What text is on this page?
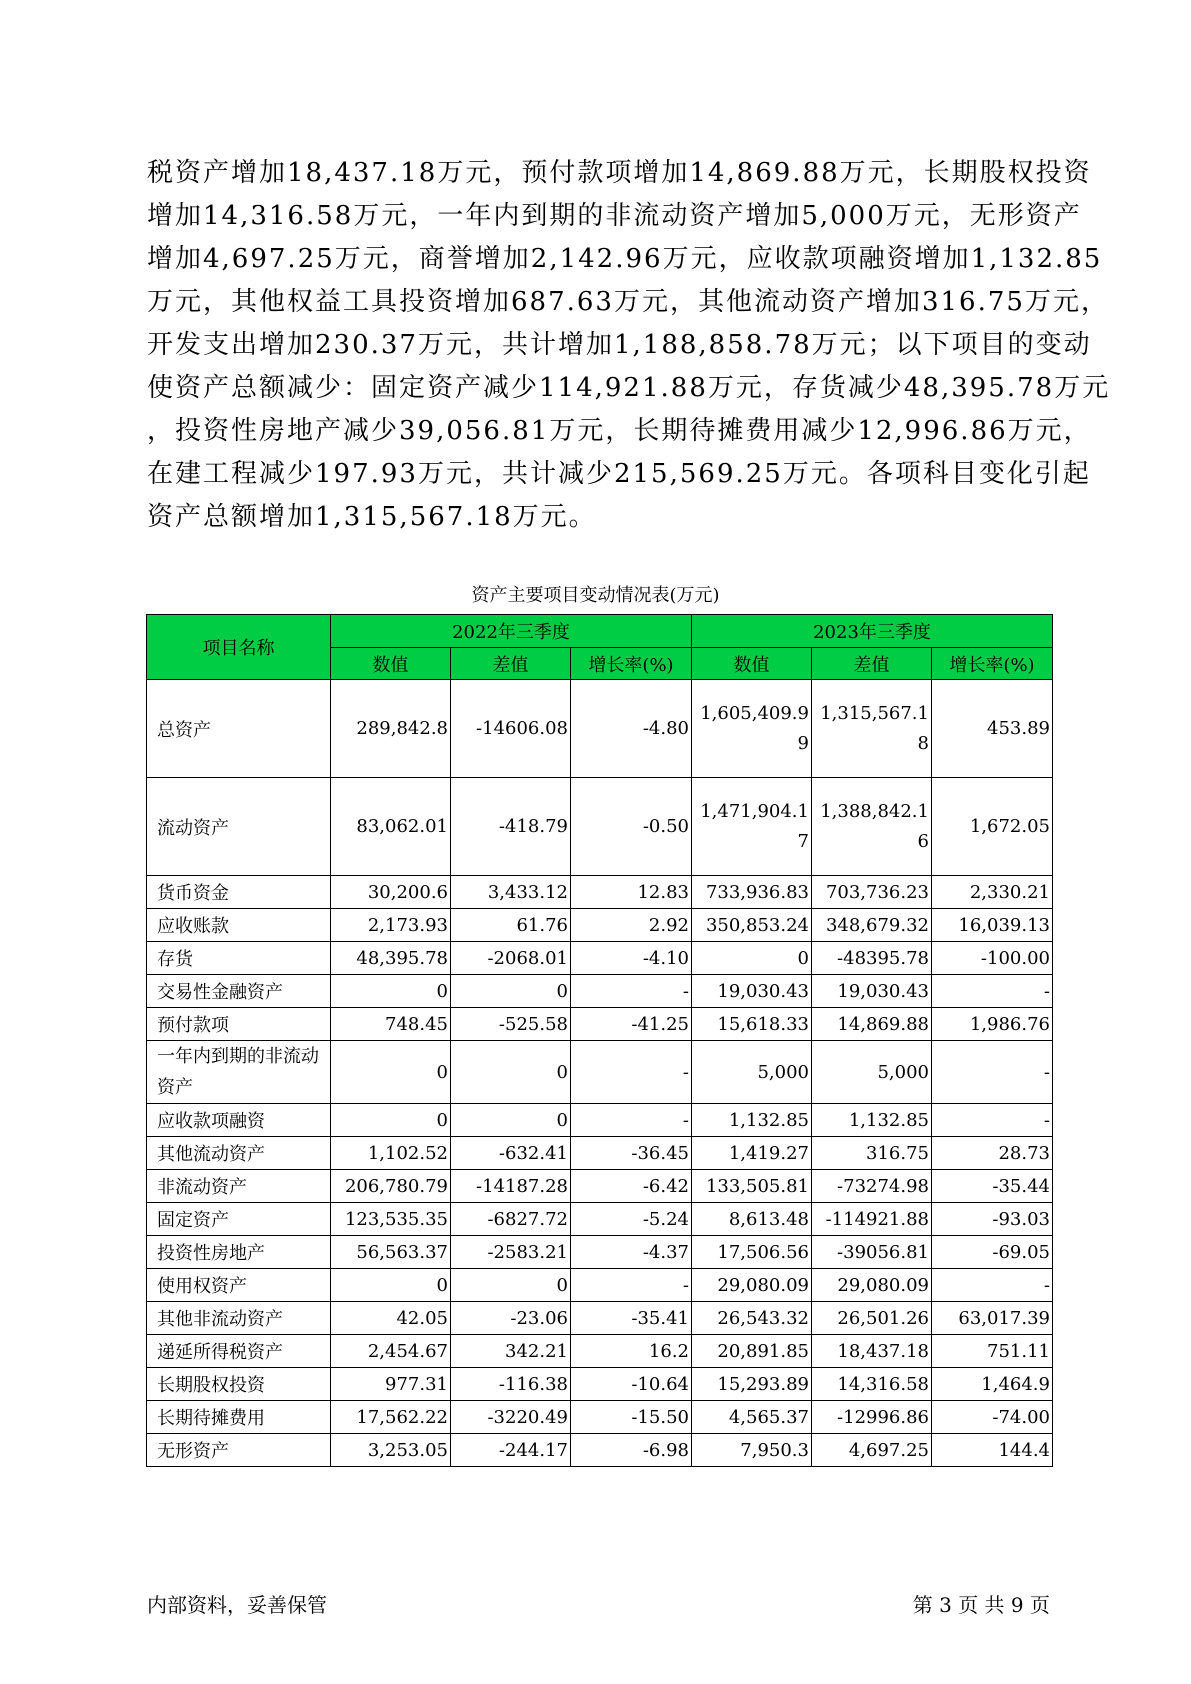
税资产增加18,437.18万元，预付款项增加14,869.88万元，长期股权投资
增加14,316.58万元，一年内到期的非流动资产增加5,000万元，无形资产
增加4,697.25万元，商誉增加2,142.96万元，应收款项融资增加1,132.85
万元，其他权益工具投资增加687.63万元，其他流动资产增加316.75万元，
开发支出增加230.37万元，共计增加1,188,858.78万元；以下项目的变动
使资产总额减少：固定资产减少114,921.88万元，存货减少48,395.78万元
，投资性房地产减少39,056.81万元，长期待摊费用减少12,996.86万元，
在建工程减少197.93万元，共计减少215,569.25万元。各项科目变化引起
资产总额增加1,315,567.18万元。
资产主要项目变动情况表(万元)
项目名称	2022年三季度			2023年三季度		
	数值	差值	增长率(%)	数值	差值	增长率(%)
总资产	289,842.8	-14606.08	-4.80	1,605,409.99	1,315,567.18	453.89
流动资产	83,062.01	-418.79	-0.50	1,471,904.17	1,388,842.16	1,672.05
货币资金	30,200.6	3,433.12	12.83	733,936.83	703,736.23	2,330.21
应收账款	2,173.93	61.76	2.92	350,853.24	348,679.32	16,039.13
存货	48,395.78	-2068.01	-4.10	0	-48395.78	-100.00
交易性金融资产	0	0	-	19,030.43	19,030.43	-
预付款项	748.45	-525.58	-41.25	15,618.33	14,869.88	1,986.76
一年内到期的非流动资产	0	0	-	5,000	5,000	-
应收款项融资	0	0	-	1,132.85	1,132.85	-
其他流动资产	1,102.52	-632.41	-36.45	1,419.27	316.75	28.73
非流动资产	206,780.79	-14187.28	-6.42	133,505.81	-73274.98	-35.44
固定资产	123,535.35	-6827.72	-5.24	8,613.48	-114921.88	-93.03
投资性房地产	56,563.37	-2583.21	-4.37	17,506.56	-39056.81	-69.05
使用权资产	0	0	-	29,080.09	29,080.09	-
其他非流动资产	42.05	-23.06	-35.41	26,543.32	26,501.26	63,017.39
递延所得税资产	2,454.67	342.21	16.2	20,891.85	18,437.18	751.11
长期股权投资	977.31	-116.38	-10.64	15,293.89	14,316.58	1,464.9
长期待摊费用	17,562.22	-3220.49	-15.50	4,565.37	-12996.86	-74.00
无形资产	3,253.05	-244.17	-6.98	7,950.3	4,697.25	144.4
内部资料，妥善保管	第 3 页 共 9 页
